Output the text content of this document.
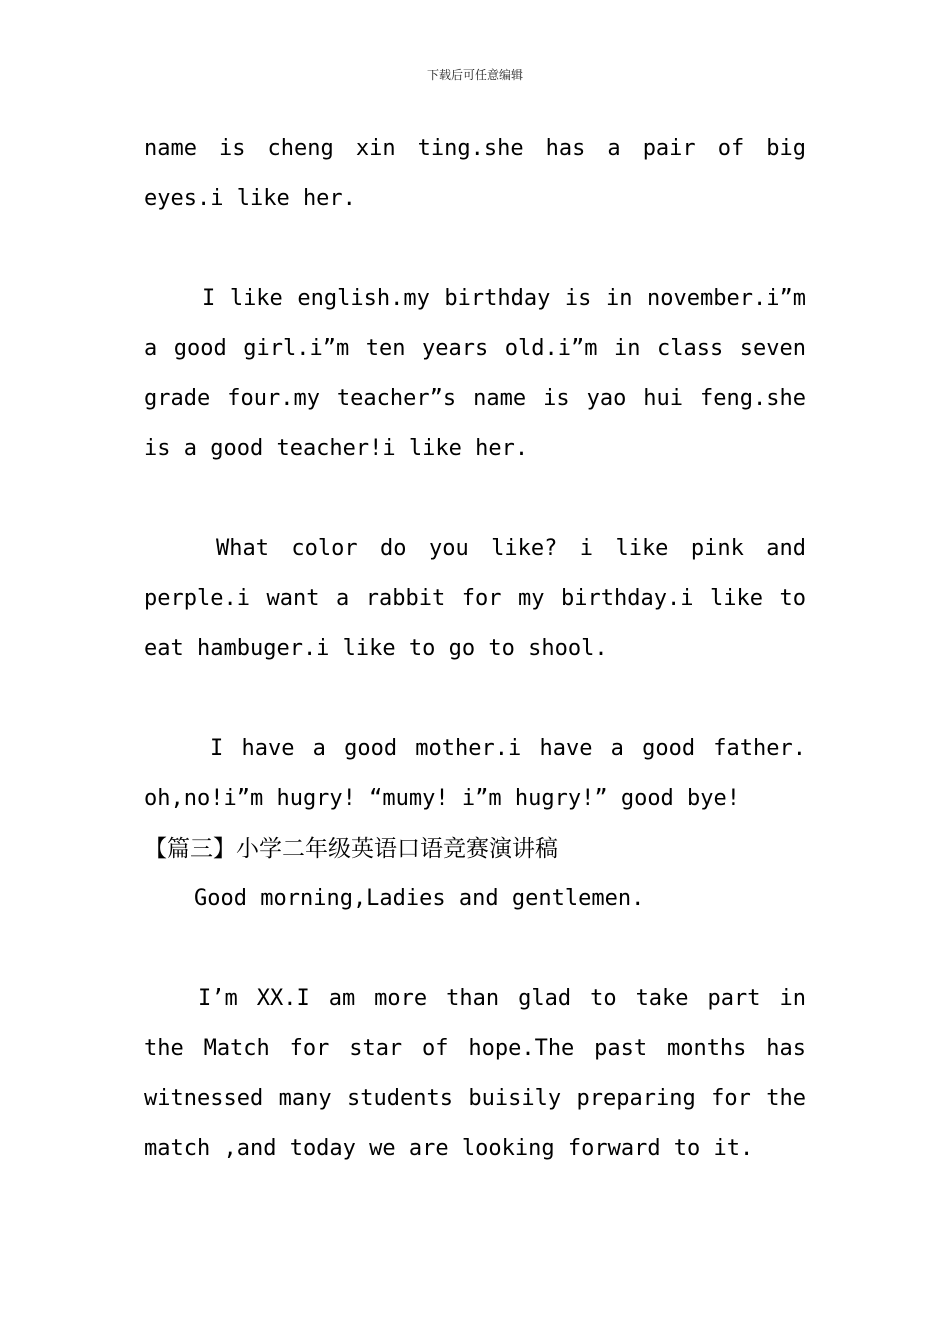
下载后可任意编辑

name is cheng xin ting.she has a pair of big eyes.i like her.

I like english.my birthday is in november.i”m a good girl.i”m ten years old.i”m in class seven grade four.my teacher”s name is yao hui feng.she is a good teacher!i like her.

What color do you like? i like pink and perple.i want a rabbit for my birthday.i like to eat hambuger.i like to go to shool.

I have a good mother.i have a good father. oh,no!i”m hugry! “mumy! i”m hugry!” good bye!

【篇三】小学二年级英语口语竞赛演讲稿

Good morning,Ladies and gentlemen.

I’m XX.I am more than glad to take part in the Match for star of hope.The past months has witnessed many students buisily preparing for the match ,and today we are looking forward to it.
